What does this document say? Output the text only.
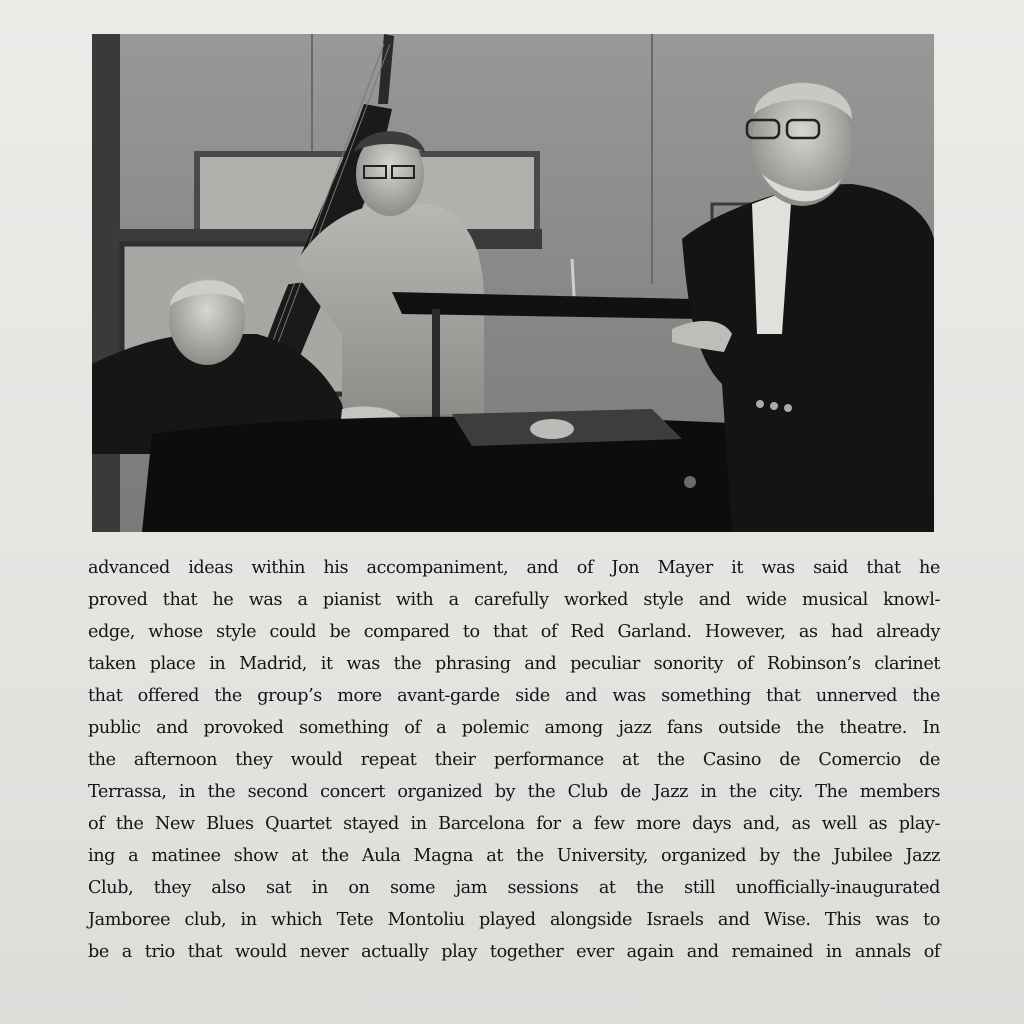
advanced ideas within his accompaniment, and of Jon Mayer it was said that he
proved that he was a pianist with a carefully worked style and wide musical knowl-
edge, whose style could be compared to that of Red Garland. However, as had already
taken place in Madrid, it was the phrasing and peculiar sonority of Robinson’s clarinet
that offered the group’s more avant-garde side and was something that unnerved the
public and provoked something of a polemic among jazz fans outside the theatre. In
the afternoon they would repeat their performance at the Casino de Comercio de
Terrassa, in the second concert organized by the Club de Jazz in the city. The members
of the New Blues Quartet stayed in Barcelona for a few more days and, as well as play-
ing a matinee show at the Aula Magna at the University, organized by the Jubilee Jazz
Club, they also sat in on some jam sessions at the still unofficially-inaugurated
Jamboree club, in which Tete Montoliu played alongside Israels and Wise. This was to
be a trio that would never actually play together ever again and remained in annals of
